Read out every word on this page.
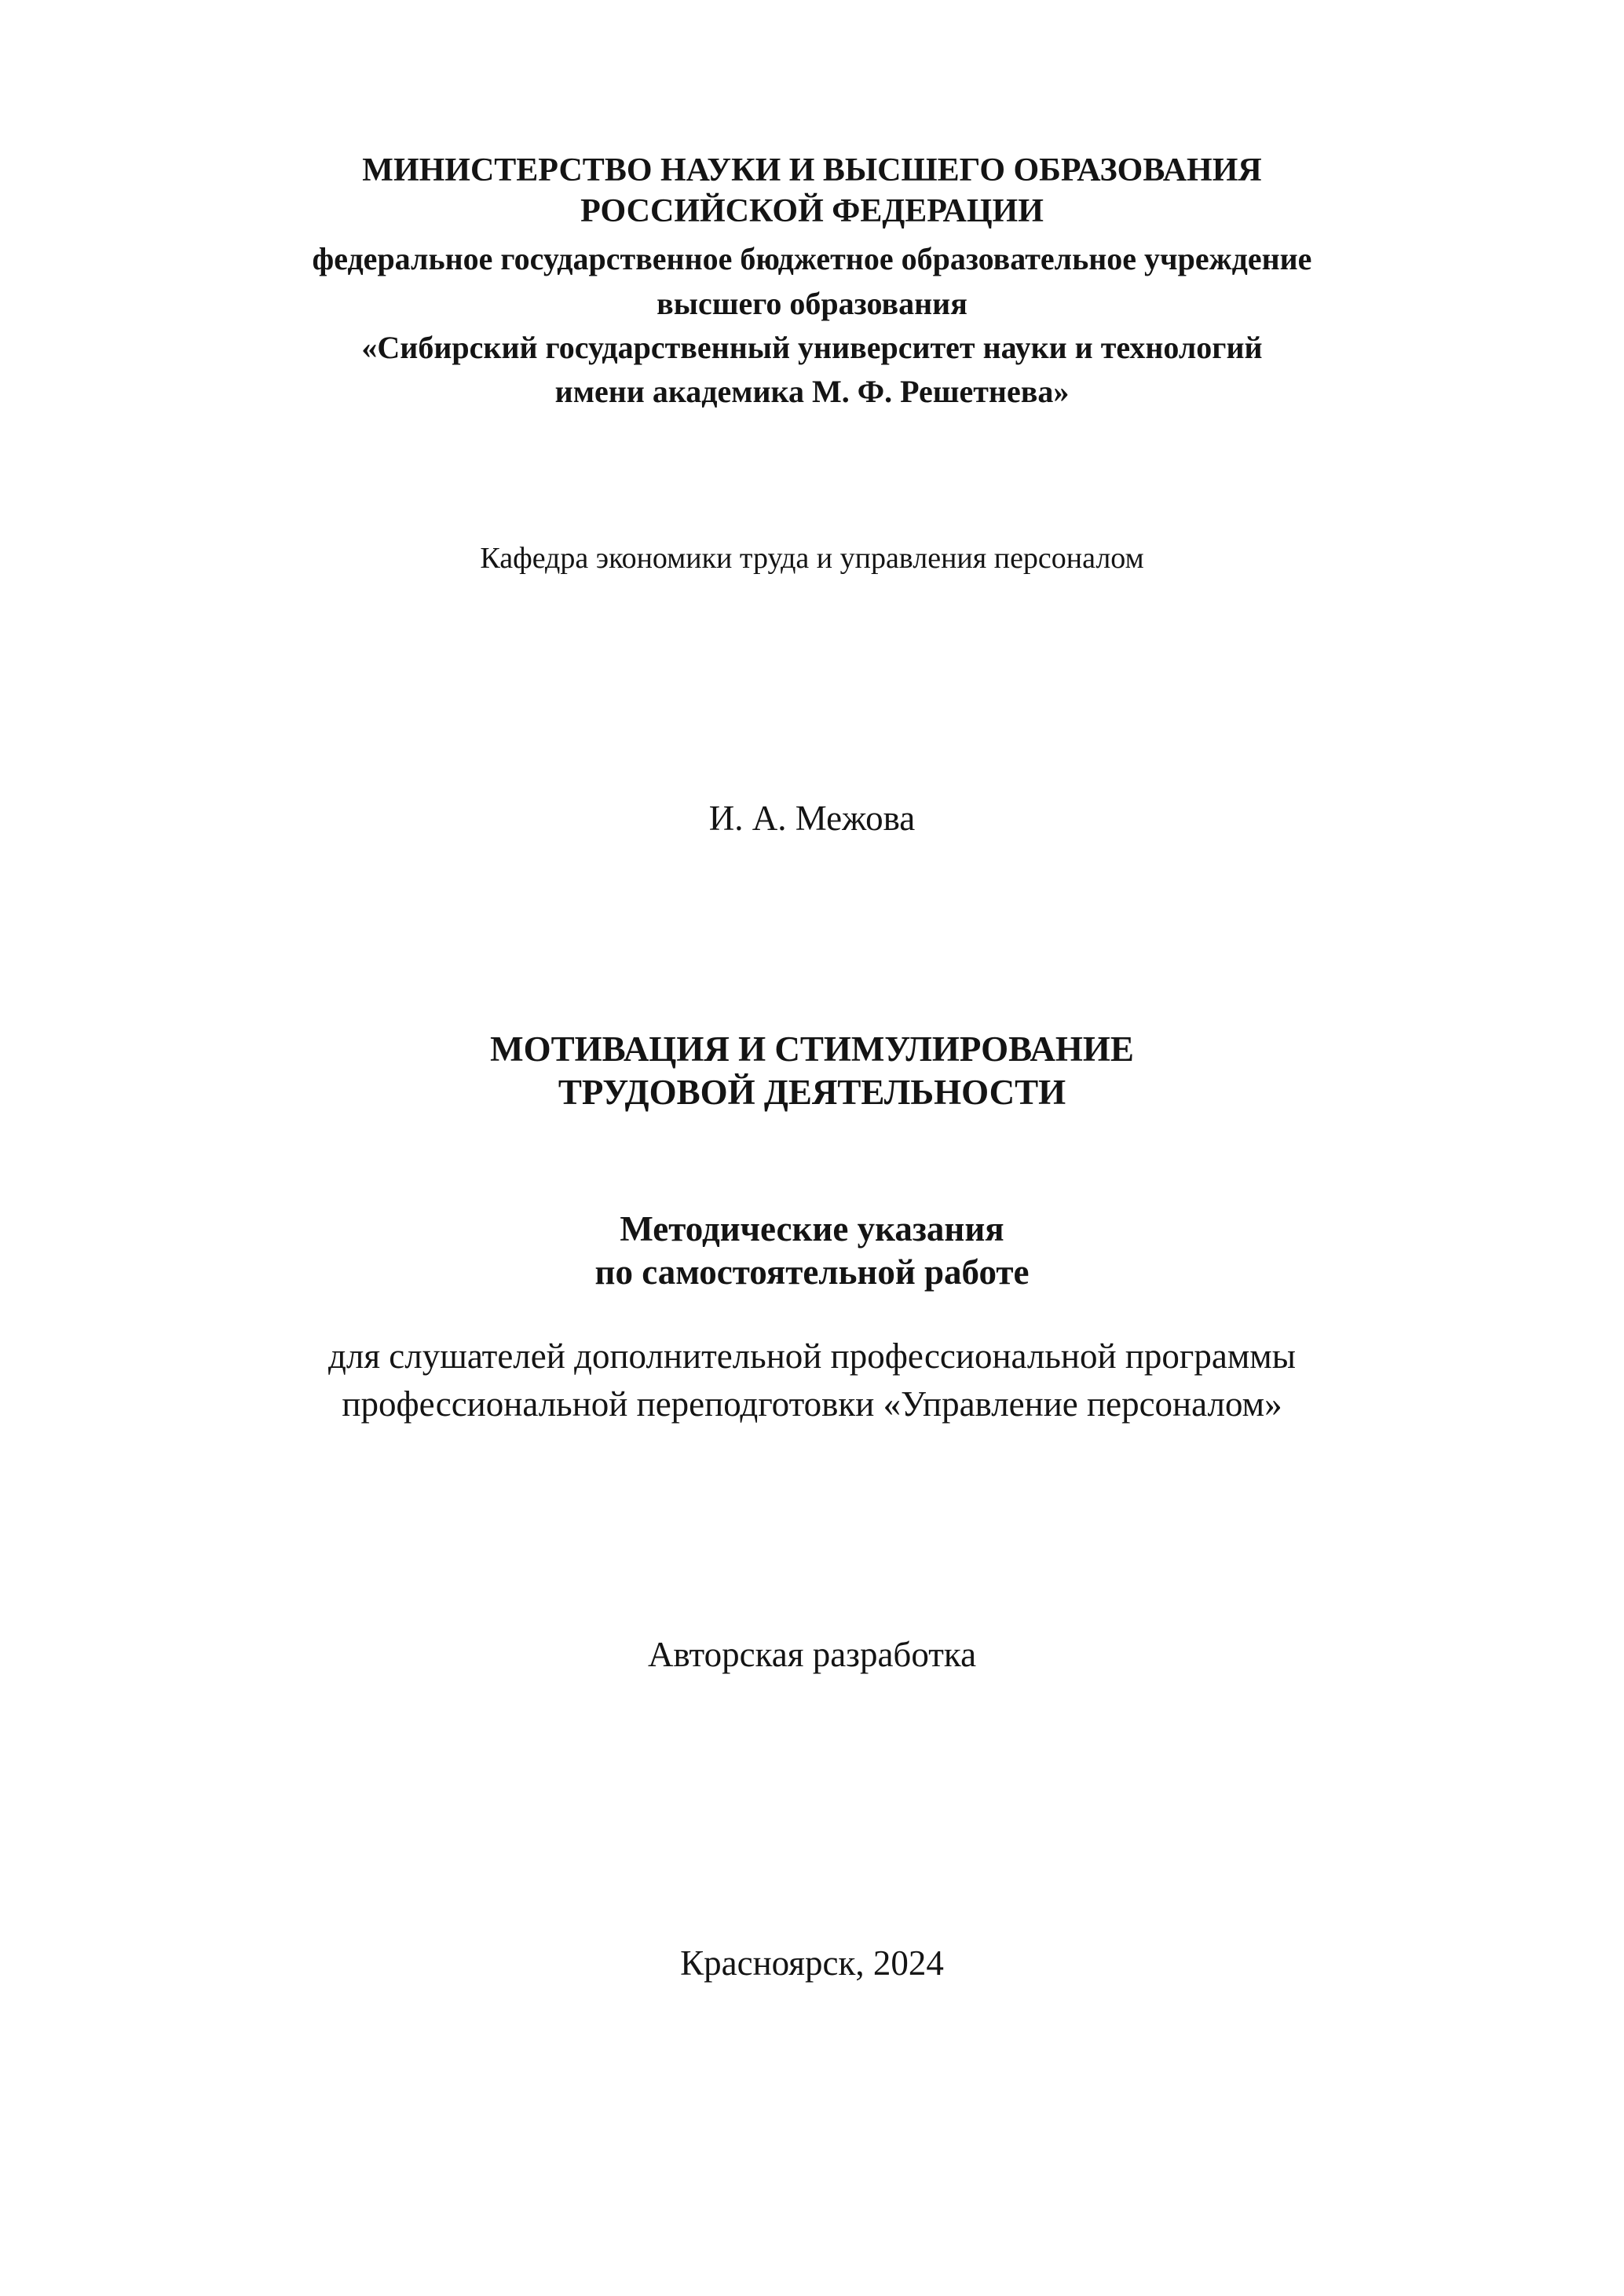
МИНИСТЕРСТВО НАУКИ И ВЫСШЕГО ОБРАЗОВАНИЯ
РОССИЙСКОЙ ФЕДЕРАЦИИ
федеральное государственное бюджетное образовательное учреждение
высшего образования
«Сибирский государственный университет науки и технологий
имени академика М. Ф. Решетнева»
Кафедра экономики труда и управления персоналом
И. А. Межова
МОТИВАЦИЯ И СТИМУЛИРОВАНИЕ
ТРУДОВОЙ ДЕЯТЕЛЬНОСТИ
Методические указания
по самостоятельной работе
для слушателей дополнительной профессиональной программы
профессиональной переподготовки «Управление персоналом»
Авторская разработка
Красноярск, 2024
